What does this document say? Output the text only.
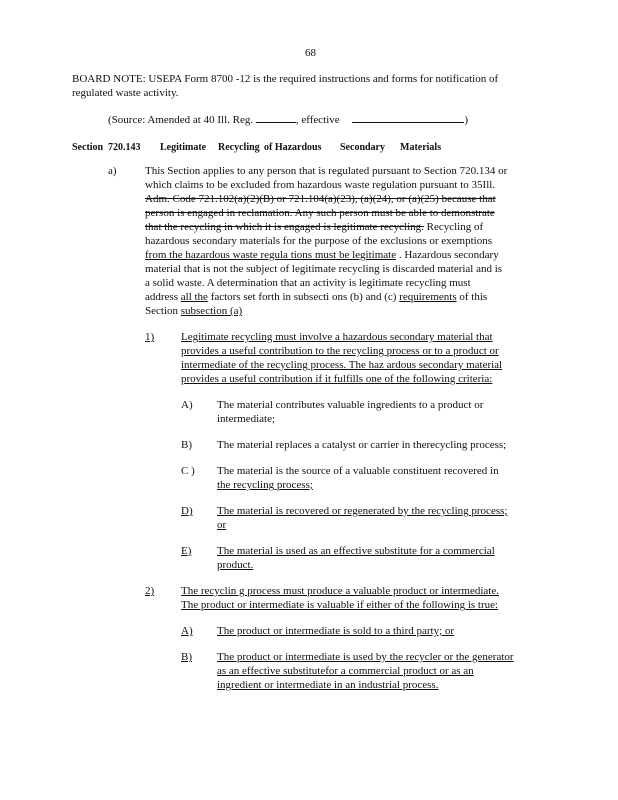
68
BOARD NOTE: USEPA Form 8700 -12 is the required instructions and forms for notification of
regulated waste activity.
(Source: Amended at 40 Ill. Reg.	, effective	)
Section 720.143 Legitimate Recycling of Hazardous Secondary Materials
a)	This Section applies to any person that is regulated pursuant to Section 720.134 or
which claims to be excluded from hazardous waste regulation pursuant to 35Ill.
Adm. Code 721.102(a)(2)(B) or 721.104(a)(23), (a)(24), or (a)(25) because that
person is engaged in reclamation. Any such person must be able to demonstrate
that the recycling in which it is engaged is legitimate recycling. Recycling of
hazardous secondary materials for the purpose of the exclusions or exemptions
from the hazardous waste regula tions must be legitimate . Hazardous secondary
material that is not the subject of legitimate recycling is discarded material and is
a solid waste. A determination that an activity is legitimate recycling must
address all the factors set forth in subsecti ons (b) and (c) requirements of this
Section subsection (a)
1) Legitimate recycling must involve a hazardous secondary material that
provides a useful contribution to the recycling process or to a product or
intermediate of the recycling process. The haz ardous secondary material
provides a useful contribution if it fulfills one of the following criteria:
A) The material contributes valuable ingredients to a product or
intermediate;
B) The material replaces a catalyst or carrier in therecycling process;
C ) The material is the source of a valuable constituent recovered in
the recycling process;
D) The material is recovered or regenerated by the recycling process;
or
E) The material is used as an effective substitute for a commercial
product.
2) The recyclin g process must produce a valuable product or intermediate.
The product or intermediate is valuable if either of the following is true:
A) The product or intermediate is sold to a third party; or
B) The product or intermediate is used by the recycler or the generator
as an effective substitutefor a commercial product or as an
ingredient or intermediate in an industrial process.
